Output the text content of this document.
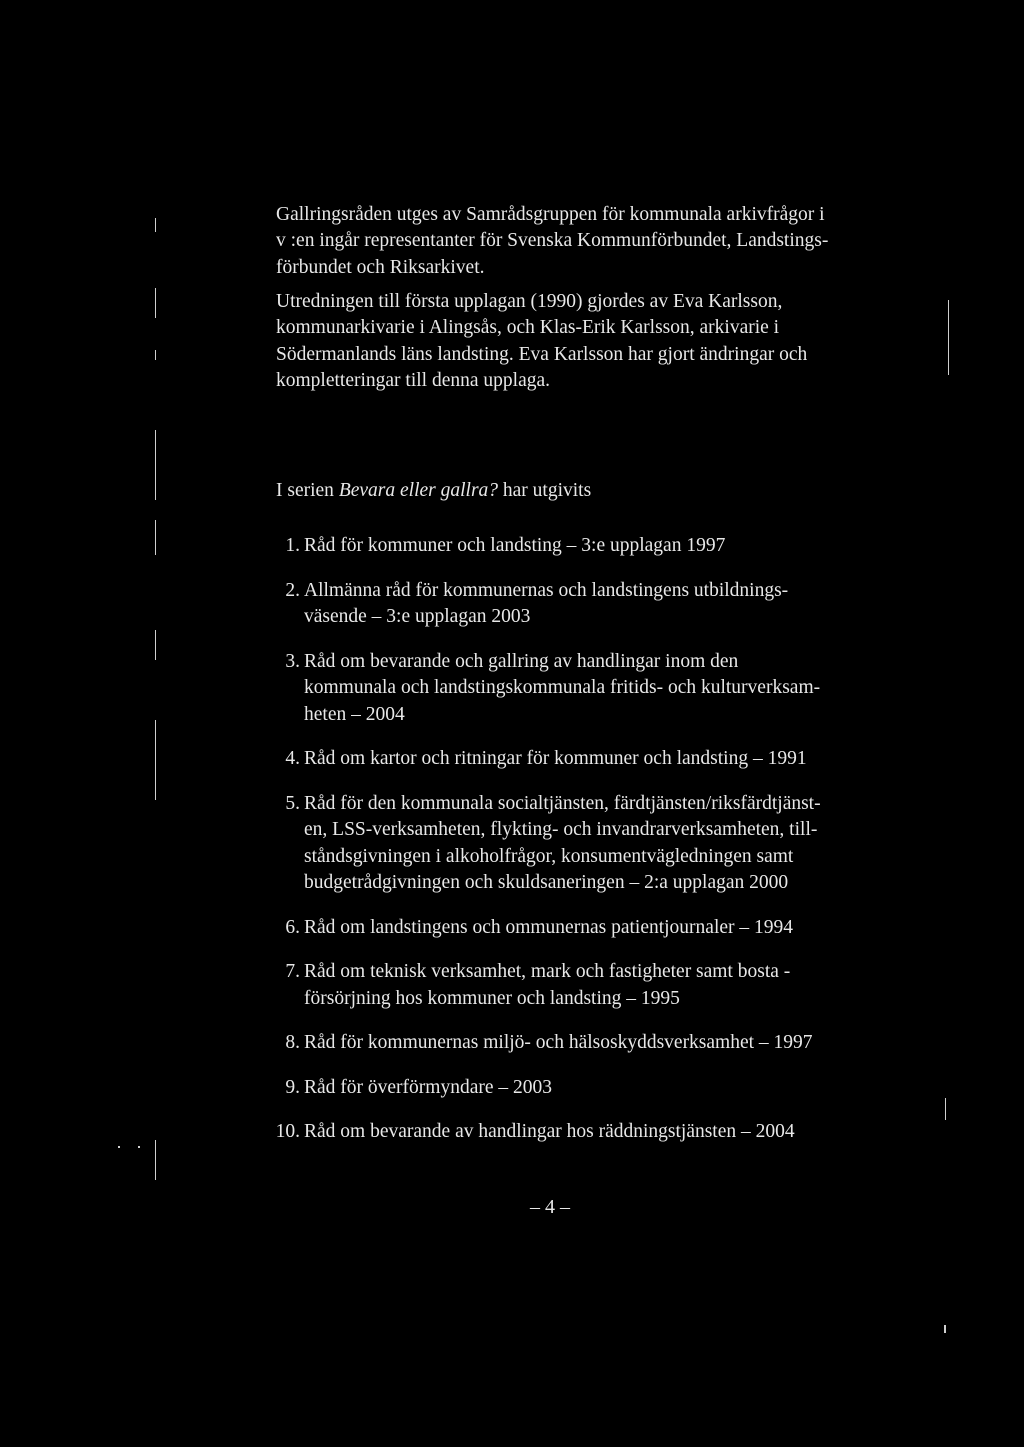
Gallringsråden utges av Samrådsgruppen för kommunala arkivfrågor i
v :en ingår representanter för Svenska Kommunförbundet, Landstings-
förbundet och Riksarkivet.
Utredningen till första upplagan (1990) gjordes av Eva Karlsson,
kommunarkivarie i Alingsås, och Klas-Erik Karlsson, arkivarie i
Södermanlands läns landsting. Eva Karlsson har gjort ändringar och
kompletteringar till denna upplaga.
I serien Bevara eller gallra? har utgivits
1. Råd för kommuner och landsting – 3:e upplagan 1997
2. Allmänna råd för kommunernas och landstingens utbildnings-
väsende – 3:e upplagan 2003
3. Råd om bevarande och gallring av handlingar inom den
kommunala och landstingskommunala fritids- och kulturverksam-
heten – 2004
4. Råd om kartor och ritningar för kommuner och landsting – 1991
5. Råd för den kommunala socialtjänsten, färdtjänsten/riksfärdtjänst-
en, LSS-verksamheten, flykting- och invandrarverksamheten, till-
ståndsgivningen i alkoholfrågor, konsumentvägledningen samt
budgetrådgivningen och skuldsaneringen – 2:a upplagan 2000
6. Råd om landstingens och ommunernas patientjournaler – 1994
7. Råd om teknisk verksamhet, mark och fastigheter samt bosta -
försörjning hos kommuner och landsting – 1995
8. Råd för kommunernas miljö- och hälsoskyddsverksamhet – 1997
9. Råd för överförmyndare – 2003
10. Råd om bevarande av handlingar hos räddningstjänsten – 2004
– 4 –
